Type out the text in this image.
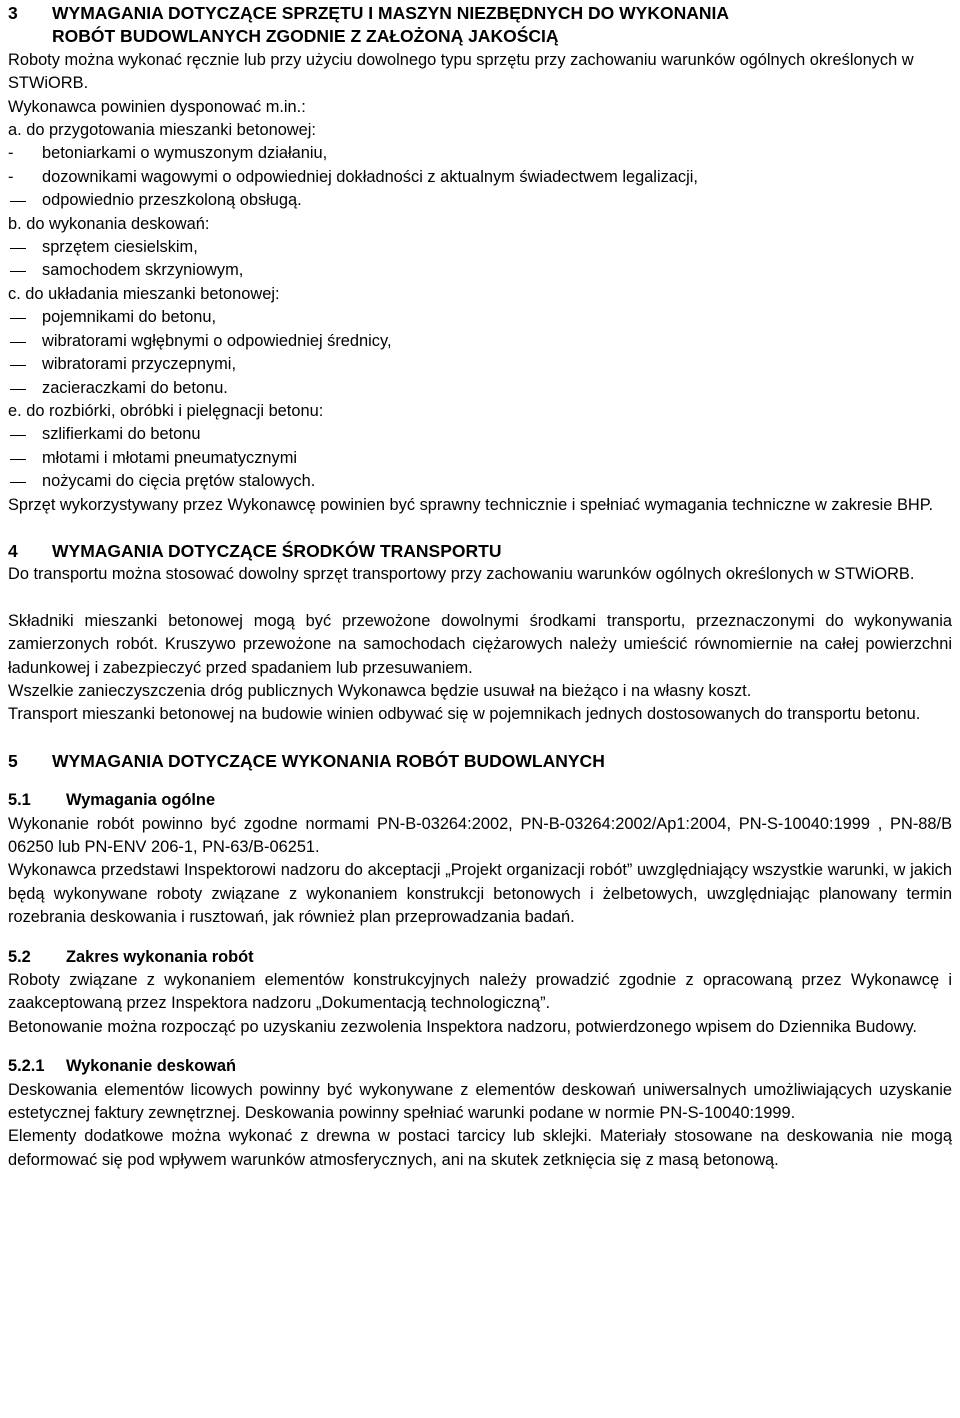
3 WYMAGANIA DOTYCZĄCE SPRZĘTU I MASZYN NIEZBĘDNYCH DO WYKONANIA
ROBÓT BUDOWLANYCH ZGODNIE Z ZAŁOŻONĄ JAKOŚCIĄ

Roboty można wykonać ręcznie lub przy użyciu dowolnego typu sprzętu przy zachowaniu warunków ogólnych określonych w STWiORB.

Wykonawca powinien dysponować m.in.:

a. do przygotowania mieszanki betonowej:
-	betoniarkami o wymuszonym działaniu,
-	dozownikami wagowymi o odpowiedniej dokładności z aktualnym świadectwem legalizacji,
odpowiednio przeszkoloną obsługą.
b. do wykonania deskowań:
sprzętem ciesielskim,
samochodem skrzyniowym,
c. do układania mieszanki betonowej:
pojemnikami do betonu,
wibratorami wgłębnymi o odpowiedniej średnicy,
wibratorami przyczepnymi,
zacieraczkami do betonu.
e. do rozbiórki, obróbki i pielęgnacji betonu:
szlifierkami do betonu
młotami i młotami pneumatycznymi
nożycami do cięcia prętów stalowych.

Sprzęt wykorzystywany przez Wykonawcę powinien być sprawny technicznie i spełniać wymagania techniczne w zakresie BHP.

4 WYMAGANIA DOTYCZĄCE ŚRODKÓW TRANSPORTU

Do transportu można stosować dowolny sprzęt transportowy przy zachowaniu warunków ogólnych określonych w STWiORB.

Składniki mieszanki betonowej mogą być przewożone dowolnymi środkami transportu, przeznaczonymi do wykonywania zamierzonych robót. Kruszywo przewożone na samochodach ciężarowych należy umieścić równomiernie na całej powierzchni ładunkowej i zabezpieczyć przed spadaniem lub przesuwaniem.

Wszelkie zanieczyszczenia dróg publicznych Wykonawca będzie usuwał na bieżąco i na własny koszt.

Transport mieszanki betonowej na budowie winien odbywać się w pojemnikach jednych dostosowanych do transportu betonu.

5 WYMAGANIA DOTYCZĄCE WYKONANIA ROBÓT BUDOWLANYCH
5.1 Wymagania ogólne

Wykonanie robót powinno być zgodne normami PN-B-03264:2002, PN-B-03264:2002/Ap1:2004, PN-S-10040:1999 , PN-88/B 06250 lub PN-ENV 206-1, PN-63/B-06251.

Wykonawca przedstawi Inspektorowi nadzoru do akceptacji „Projekt organizacji robót” uwzględniający wszystkie warunki, w jakich będą wykonywane roboty związane z wykonaniem konstrukcji betonowych i żelbetowych, uwzględniając planowany termin rozebrania deskowania i rusztowań, jak również plan przeprowadzania badań.

5.2 Zakres wykonania robót

Roboty związane z wykonaniem elementów konstrukcyjnych należy prowadzić zgodnie z opracowaną przez Wykonawcę i zaakceptowaną przez Inspektora nadzoru „Dokumentacją technologiczną”.

Betonowanie można rozpocząć po uzyskaniu zezwolenia Inspektora nadzoru, potwierdzonego wpisem do Dziennika Budowy.

5.2.1 Wykonanie deskowań

Deskowania elementów licowych powinny być wykonywane z elementów deskowań uniwersalnych umożliwiających uzyskanie estetycznej faktury zewnętrznej. Deskowania powinny spełniać warunki podane w normie PN-S-10040:1999.

Elementy dodatkowe można wykonać z drewna w postaci tarcicy lub sklejki. Materiały stosowane na deskowania nie mogą deformować się pod wpływem warunków atmosferycznych, ani na skutek zetknięcia się z masą betonową.
